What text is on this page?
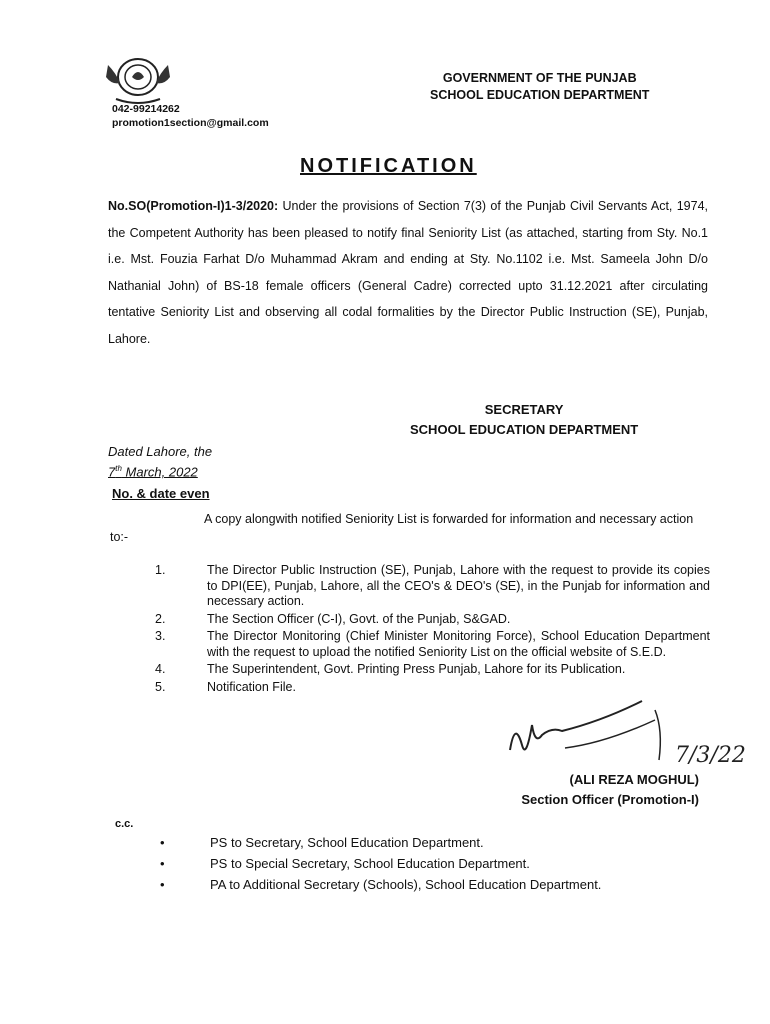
042-99214262
promotion1section@gmail.com
GOVERNMENT OF THE PUNJAB
SCHOOL EDUCATION DEPARTMENT
NOTIFICATION
No.SO(Promotion-I)1-3/2020: Under the provisions of Section 7(3) of the Punjab Civil Servants Act, 1974, the Competent Authority has been pleased to notify final Seniority List (as attached, starting from Sty. No.1 i.e. Mst. Fouzia Farhat D/o Muhammad Akram and ending at Sty. No.1102 i.e. Mst. Sameela John D/o Nathanial John) of BS-18 female officers (General Cadre) corrected upto 31.12.2021 after circulating tentative Seniority List and observing all codal formalities by the Director Public Instruction (SE), Punjab, Lahore.
SECRETARY
SCHOOL EDUCATION DEPARTMENT
Dated Lahore, the
7th March, 2022
No. & date even
A copy alongwith notified Seniority List is forwarded for information and necessary action to:-
1.	The Director Public Instruction (SE), Punjab, Lahore with the request to provide its copies to DPI(EE), Punjab, Lahore, all the CEO's & DEO's (SE), in the Punjab for information and necessary action.
2.	The Section Officer (C-I), Govt. of the Punjab, S&GAD.
3.	The Director Monitoring (Chief Minister Monitoring Force), School Education Department with the request to upload the notified Seniority List on the official website of S.E.D.
4.	The Superintendent, Govt. Printing Press Punjab, Lahore for its Publication.
5.	Notification File.
7/3/22
(ALI REZA MOGHUL)
Section Officer (Promotion-I)
c.c.
•	PS to Secretary, School Education Department.
•	PS to Special Secretary, School Education Department.
•	PA to Additional Secretary (Schools), School Education Department.
